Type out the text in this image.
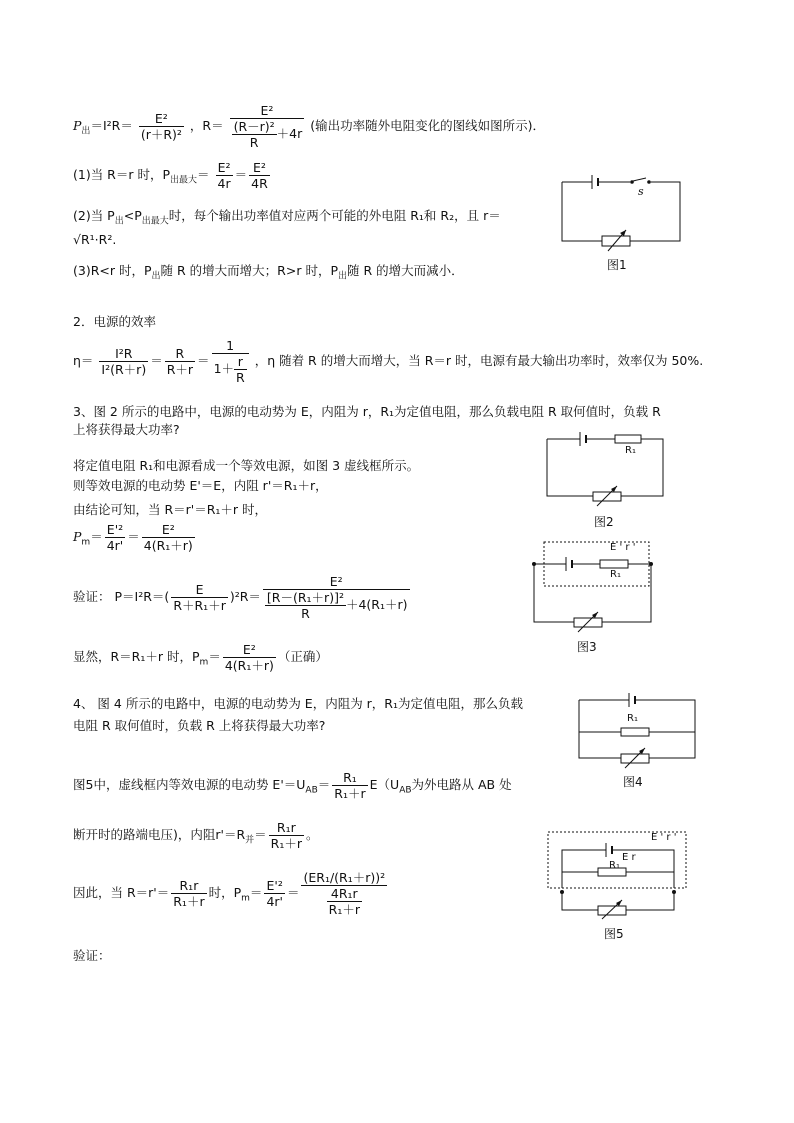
$P_出=I^2R= \frac{\text{E²}}{\text{(r＋R)²}}$ ，$R= \frac{\text{E²}}{\frac{\text{(R－r)²}}{R} +4r}$ (输出功率随外电阻变化的图线如图所示)．
(1)当 R＝r 时，$P_{出最大}= \frac{\text{E²}}{4r} = \frac{\text{E²}}{4R}$
(2)当 $P_出<P_{出最大}$时，每个输出功率值对应两个可能的外电阻 R₁和 R₂，且 r＝
√R¹·R².
(3)R<r 时，$P_出$随 R 的增大而增大；R>r 时，$P_出$随 R 的增大而减小．
s
图1
2．电源的效率
$\eta= \frac{\text{I²R}}{\text{I²(R＋r)}} = \frac{R}{R+r} = \frac{1}{1+ \frac{r}{R}}$ ，η 随着 R 的增大而增大，当 R＝r 时，电源有最大输出功率时，效率仅为 50%.
3、图 2 所示的电路中，电源的电动势为 E，内阻为 r，R₁为定值电阻，那么负载电阻 R 取何值时，负载 R
上将获得最大功率?
将定值电阻 R₁和电源看成一个等效电源，如图 3 虚线框所示。
则等效电源的电动势 E'＝E，内阻 r'＝R₁＋r，
由结论可知，当 R＝r'＝R₁＋r 时，
$P_m= \frac{\text{E'²}}{4r'} = \frac{\text{E²}}{\text{4(R₁＋r)}}$
验证： $P=I^2R=( \frac{E}{\text{R＋R₁＋r}} )^2R= \frac{\text{E²}}{\frac{\text{[R－(R₁＋r)]²}}{R} +4(R_1+r)}$
显然，R＝R₁＋r 时，$P_m= \frac{\text{E²}}{\text{4(R₁＋r)}}$ （正确）
R₁
图2
E ' r '
R₁
图3
4、 图 4 所示的电路中，电源的电动势为 E，内阻为 r，R₁为定值电阻，那么负载
电阻 R 取何值时，负载 R 上将获得最大功率?
图5中，虚线框内等效电源的电动势 $E'=U_{AB}= \frac{\text{R₁}}{\text{R₁＋r}} E(U_{AB}$为外电路从 AB 处
断开时的路端电压)，内阻$r'=R_并= \frac{\text{R₁r}}{\text{R₁＋r}}$ 。
因此，当 $R=r'= \frac{\text{R₁r}}{\text{R₁＋r}}$ 时，$P_m= \frac{\text{E'²}}{4r'} = \frac{\text{(ER₁/(R₁＋r))²}}{\frac{\text{4R₁r}}{\text{R₁＋r}}}$
验证：
R₁
图4
E ' r '
E r
R₁
图5
